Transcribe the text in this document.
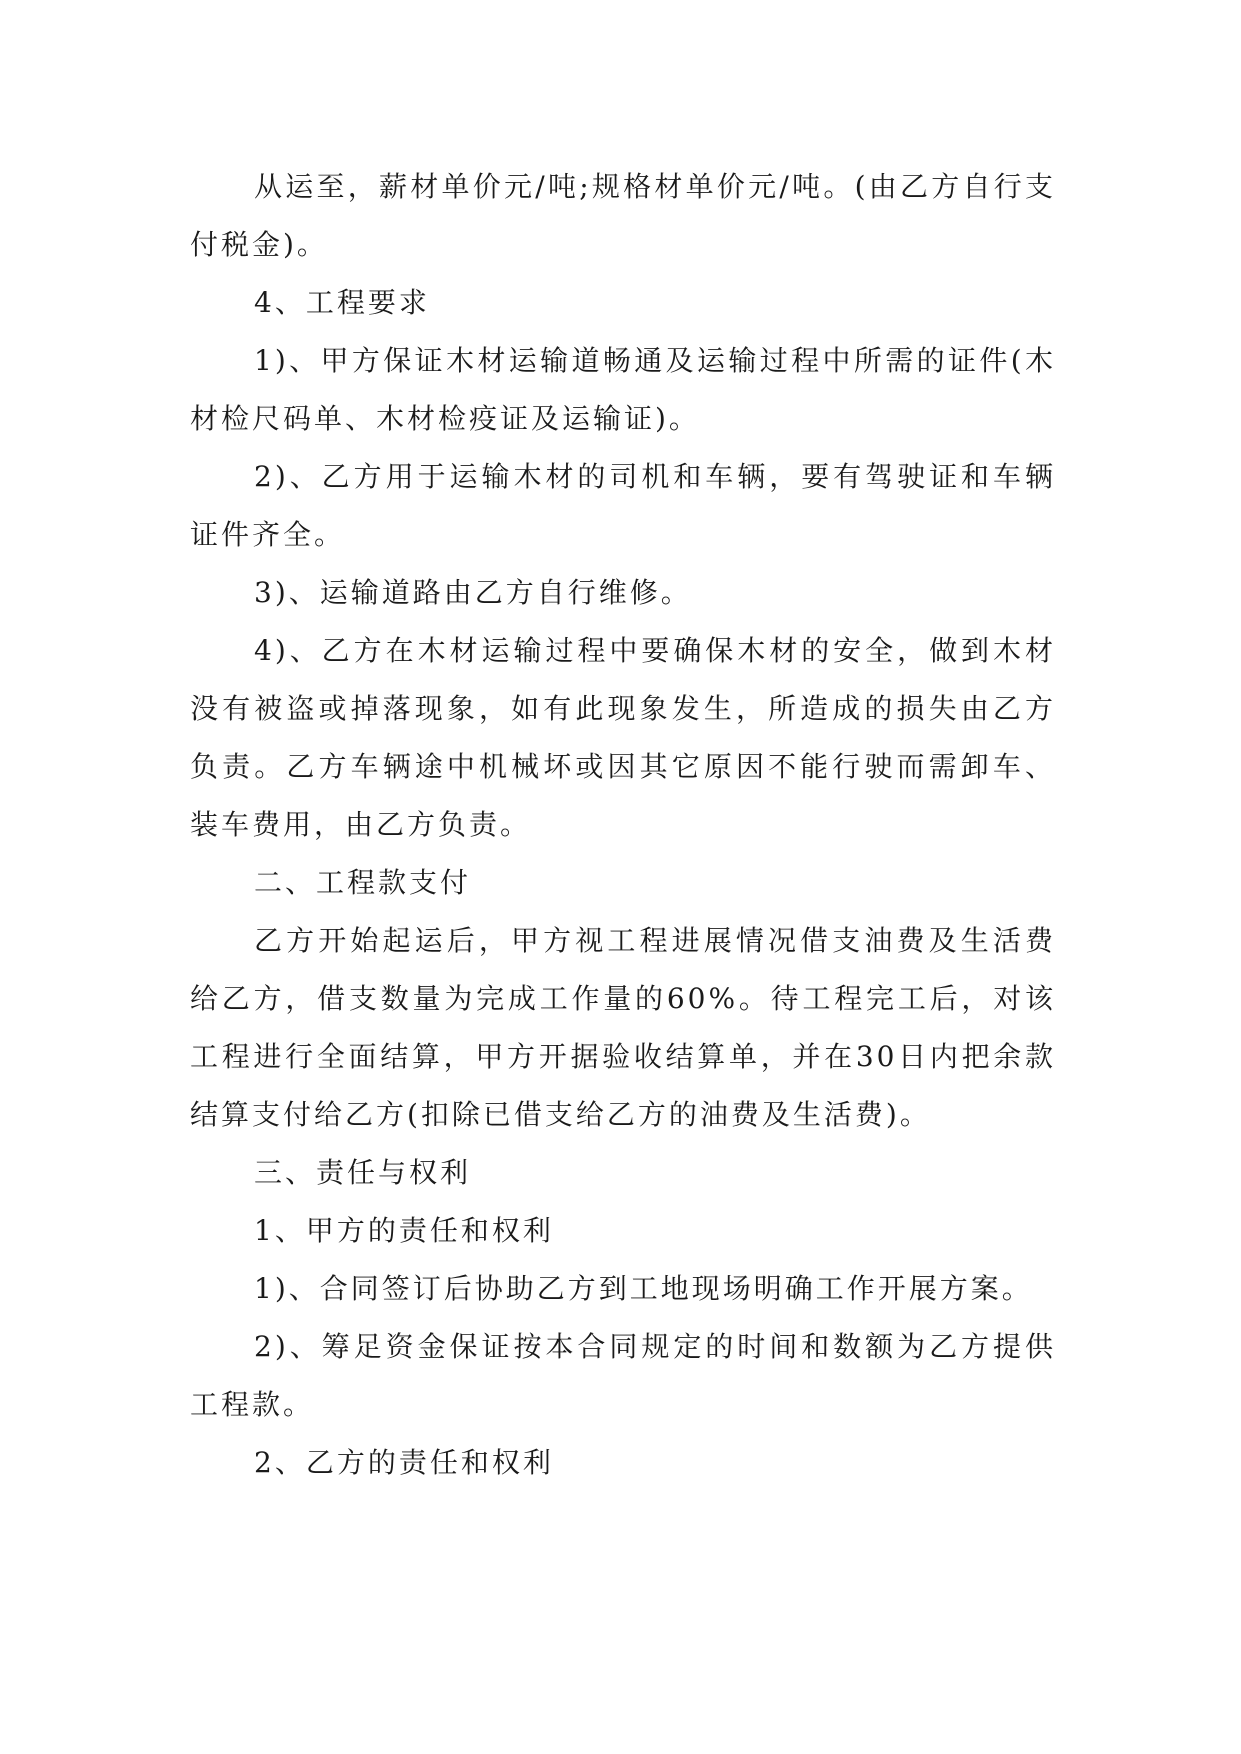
从运至，薪材单价元/吨;规格材单价元/吨。(由乙方自行支付税金)。

4、工程要求

1)、甲方保证木材运输道畅通及运输过程中所需的证件(木材检尺码单、木材检疫证及运输证)。

2)、乙方用于运输木材的司机和车辆，要有驾驶证和车辆证件齐全。

3)、运输道路由乙方自行维修。

4)、乙方在木材运输过程中要确保木材的安全，做到木材没有被盗或掉落现象，如有此现象发生，所造成的损失由乙方负责。乙方车辆途中机械坏或因其它原因不能行驶而需卸车、装车费用，由乙方负责。

二、工程款支付

乙方开始起运后，甲方视工程进展情况借支油费及生活费给乙方，借支数量为完成工作量的60%。待工程完工后，对该工程进行全面结算，甲方开据验收结算单，并在30日内把余款结算支付给乙方(扣除已借支给乙方的油费及生活费)。

三、责任与权利

1、甲方的责任和权利

1)、合同签订后协助乙方到工地现场明确工作开展方案。

2)、筹足资金保证按本合同规定的时间和数额为乙方提供工程款。

2、乙方的责任和权利
